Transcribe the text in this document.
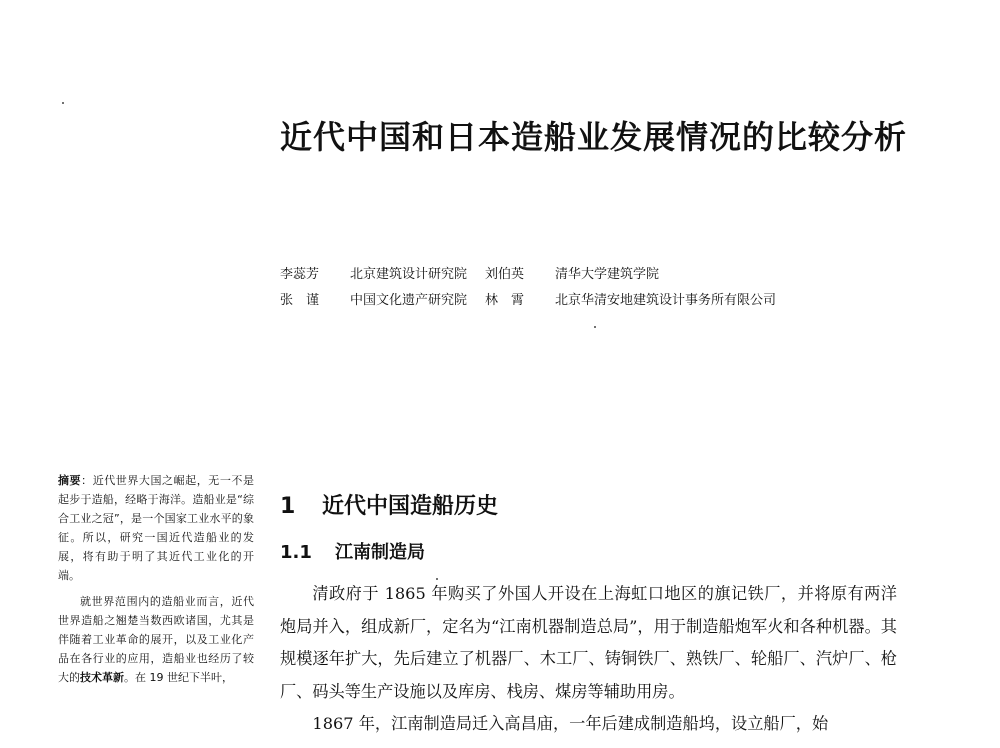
近代中国和日本造船业发展情况的比较分析
李蕊芳	北京建筑设计研究院 刘伯英	清华大学建筑学院
张　谨	中国文化遗产研究院 林　霄	北京华清安地建筑设计事务所有限公司

摘要：近代世界大国之崛起，无一不是起步于造船，经略于海洋。造船业是“综合工业之冠”，是一个国家工业水平的象征。所以，研究一国近代造船业的发展，将有助于明了其近代工业化的开端。

就世界范围内的造船业而言，近代世界造船之翘楚当数西欧诸国，尤其是伴随着工业革命的展开，以及工业化产品在各行业的应用，造船业也经历了较大的技术革新。在 19 世纪下半叶，

1 近代中国造船历史
1.1 江南制造局

清政府于 1865 年购买了外国人开设在上海虹口地区的旗记铁厂，并将原有两洋炮局并入，组成新厂，定名为“江南机器制造总局”，用于制造船炮军火和各种机器。其规模逐年扩大，先后建立了机器厂、木工厂、铸铜铁厂、熟铁厂、轮船厂、汽炉厂、枪厂、码头等生产设施以及库房、栈房、煤房等辅助用房。

1867 年，江南制造局迁入高昌庙，一年后建成制造船坞，设立船厂，始
